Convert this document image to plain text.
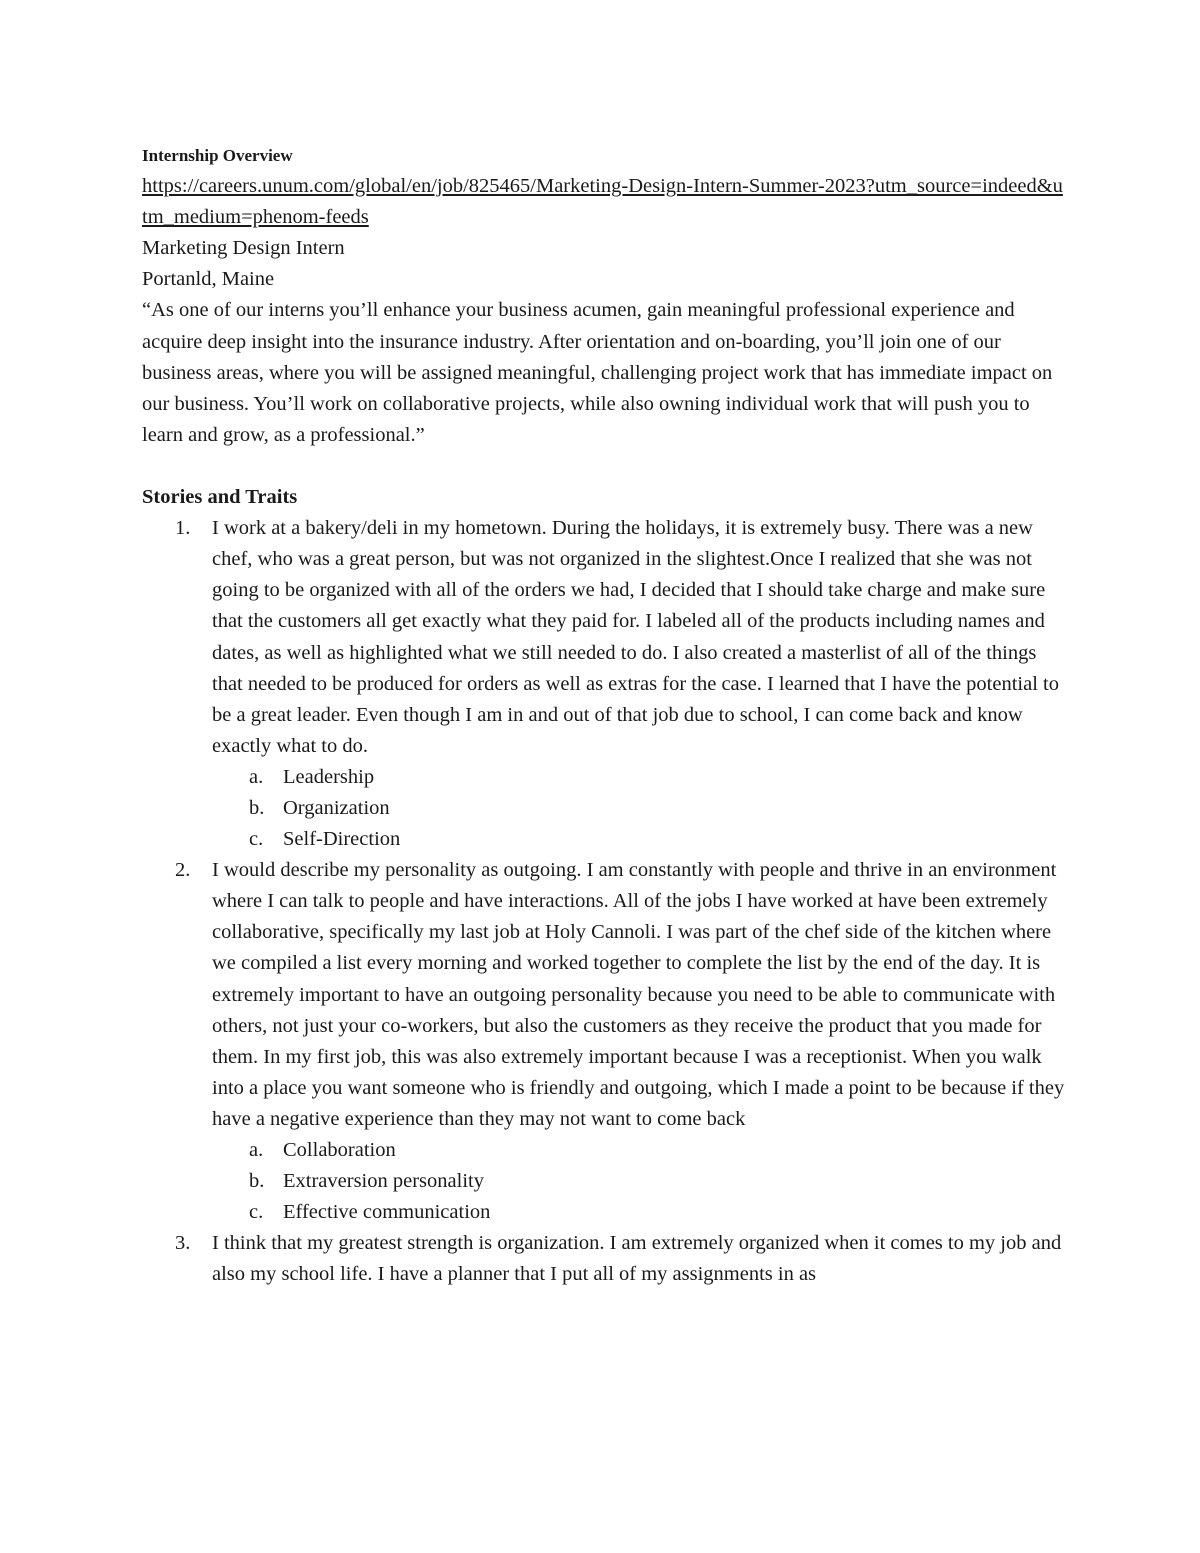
Internship Overview
https://careers.unum.com/global/en/job/825465/Marketing-Design-Intern-Summer-2023?utm_source=indeed&utm_medium=phenom-feeds
Marketing Design Intern
Portanld, Maine
“As one of our interns you’ll enhance your business acumen, gain meaningful professional experience and acquire deep insight into the insurance industry. After orientation and on-boarding, you’ll join one of our business areas, where you will be assigned meaningful, challenging project work that has immediate impact on our business. You’ll work on collaborative projects, while also owning individual work that will push you to learn and grow, as a professional.”
Stories and Traits
1. I work at a bakery/deli in my hometown. During the holidays, it is extremely busy. There was a new chef, who was a great person, but was not organized in the slightest.Once I realized that she was not going to be organized with all of the orders we had, I decided that I should take charge and make sure that the customers all get exactly what they paid for. I labeled all of the products including names and dates, as well as highlighted what we still needed to do. I also created a masterlist of all of the things that needed to be produced for orders as well as extras for the case. I learned that I have the potential to be a great leader. Even though I am in and out of that job due to school, I can come back and know exactly what to do.
a. Leadership
b. Organization
c. Self-Direction
2. I would describe my personality as outgoing. I am constantly with people and thrive in an environment where I can talk to people and have interactions. All of the jobs I have worked at have been extremely collaborative, specifically my last job at Holy Cannoli. I was part of the chef side of the kitchen where we compiled a list every morning and worked together to complete the list by the end of the day. It is extremely important to have an outgoing personality because you need to be able to communicate with others, not just your co-workers, but also the customers as they receive the product that you made for them. In my first job, this was also extremely important because I was a receptionist. When you walk into a place you want someone who is friendly and outgoing, which I made a point to be because if they have a negative experience than they may not want to come back
a. Collaboration
b. Extraversion personality
c. Effective communication
3. I think that my greatest strength is organization. I am extremely organized when it comes to my job and also my school life. I have a planner that I put all of my assignments in as
